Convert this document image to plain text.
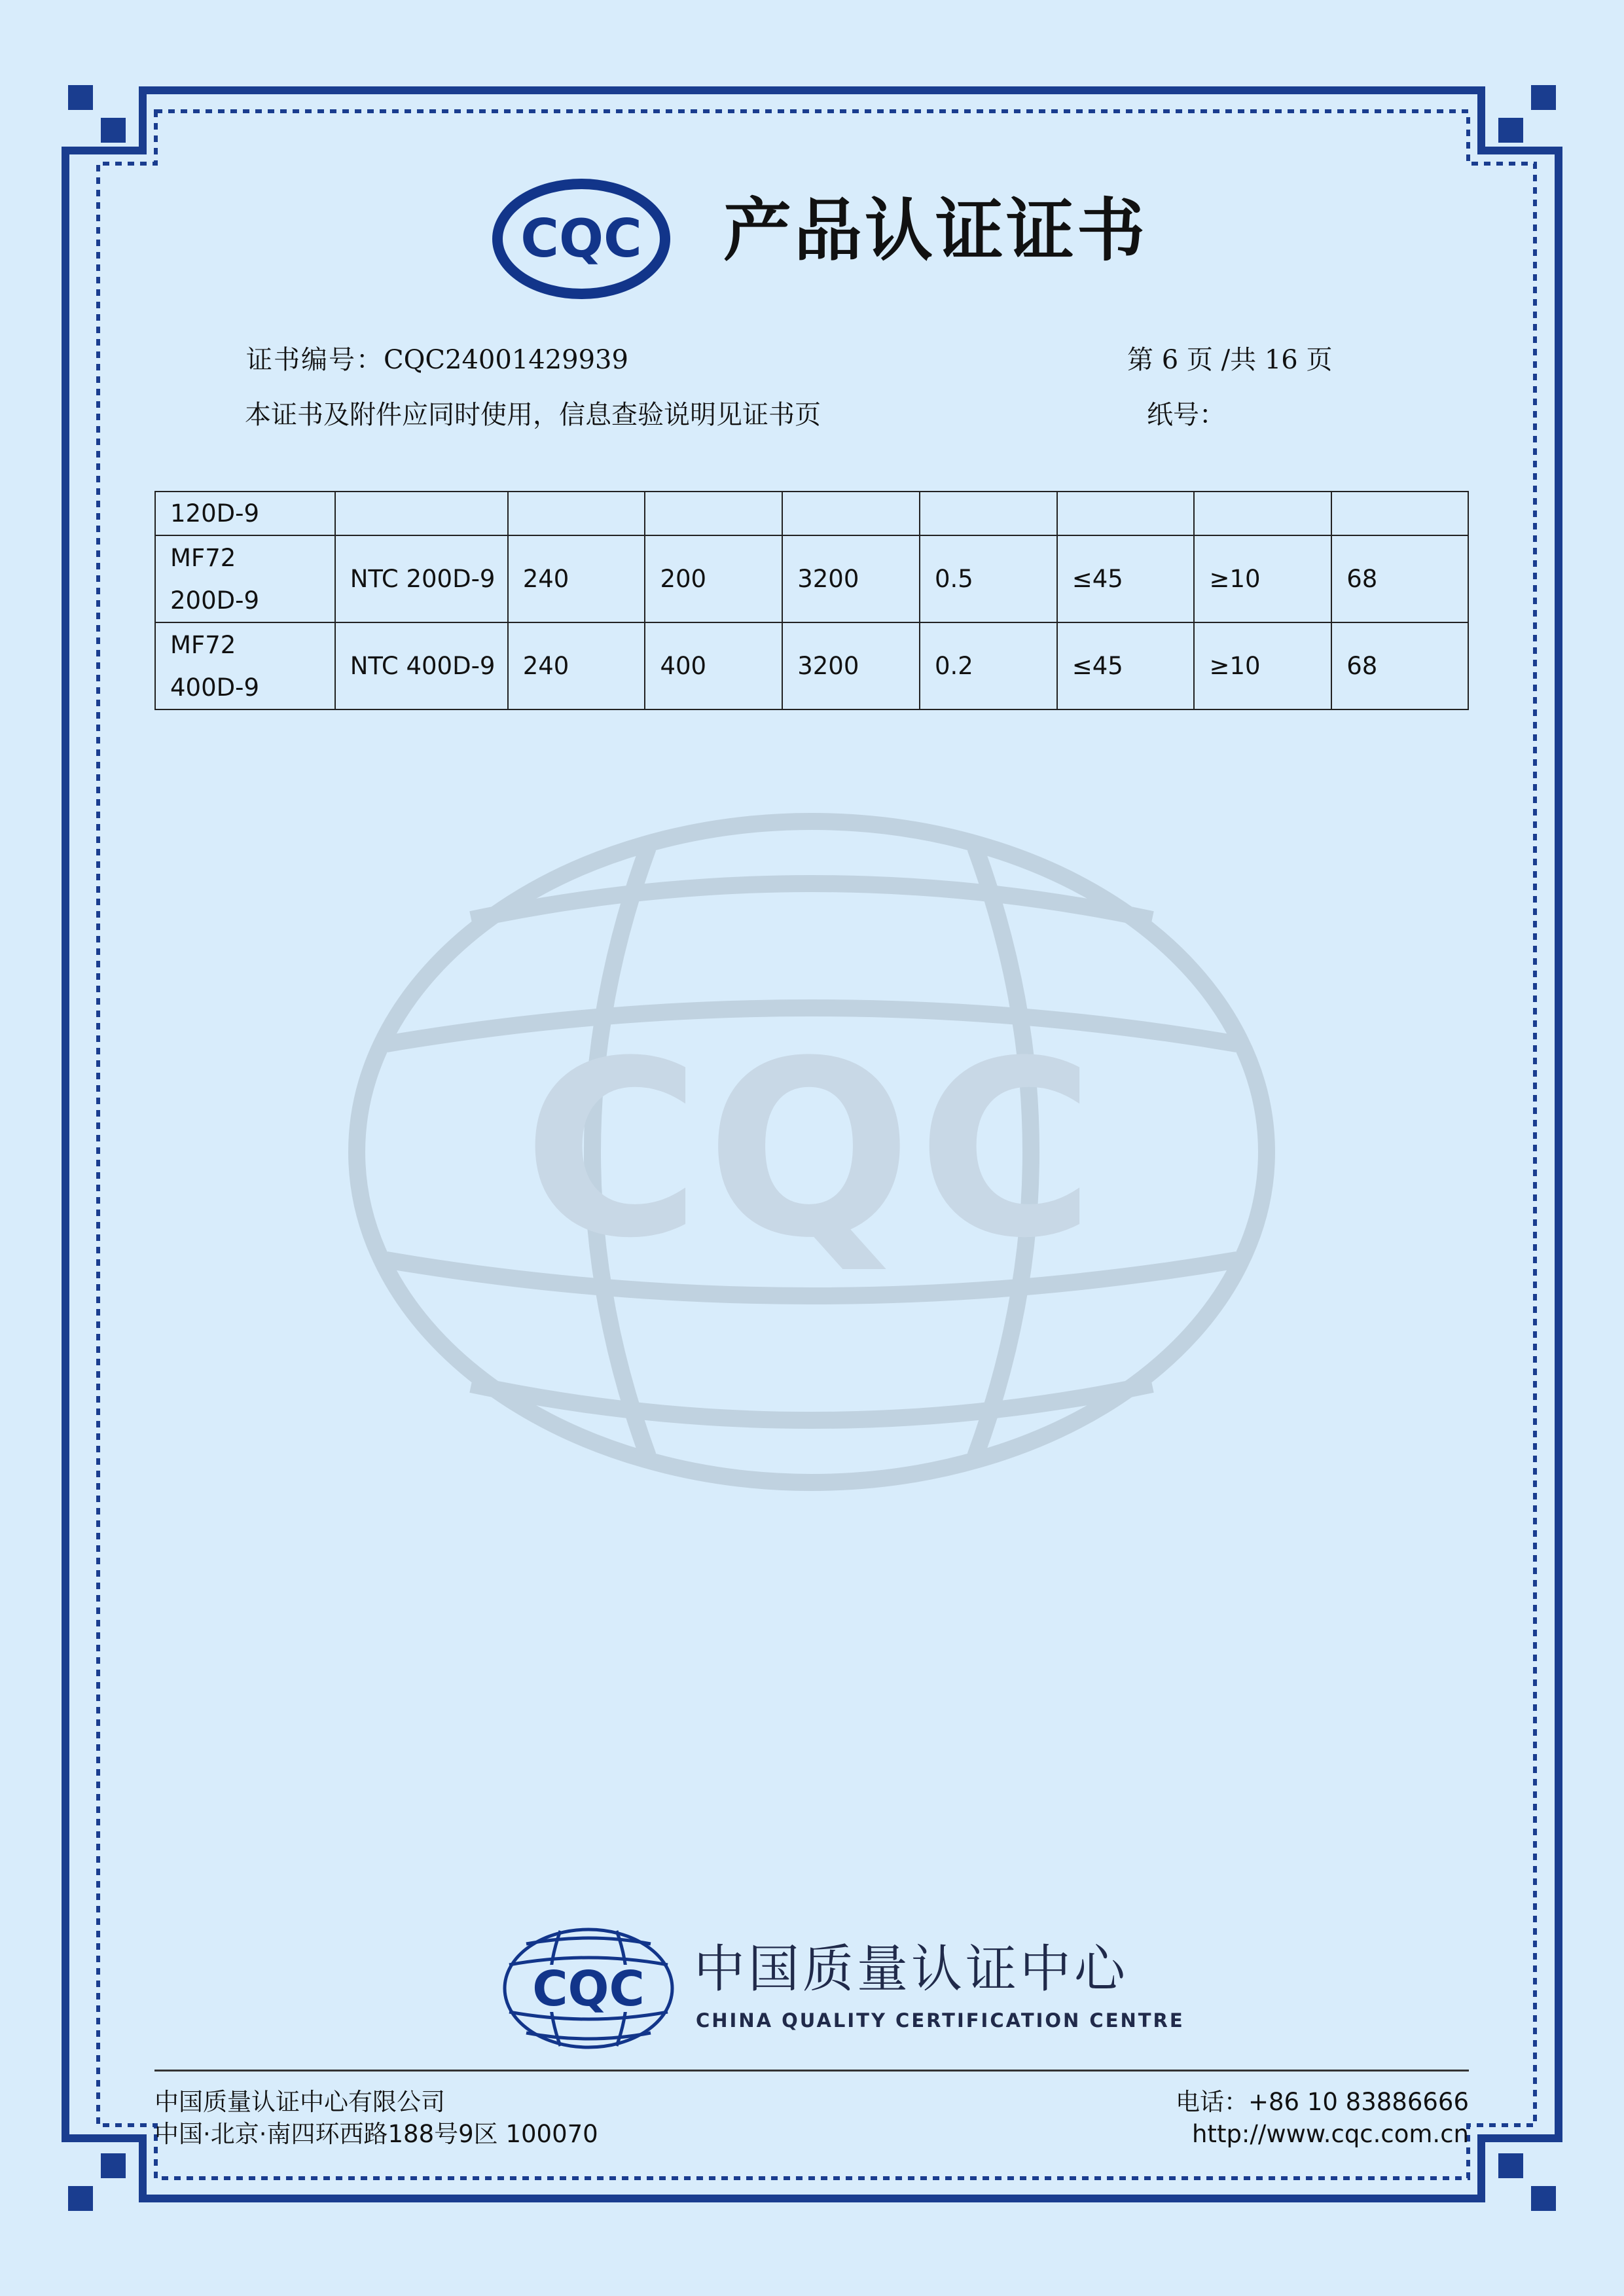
CQC
CQC 产品认证证书
证书编号：CQC24001429939	第 6 页 /共 16 页
本证书及附件应同时使用，信息查验说明见证书页	纸号：
120D-9								
MF72
200D-9	NTC 200D-9	240	200	3200	0.5	≤45	≥10	68
MF72
400D-9	NTC 400D-9	240	400	3200	0.2	≤45	≥10	68
CQC 中国质量认证中心
CHINA QUALITY CERTIFICATION CENTRE
中国质量认证中心有限公司
中国·北京·南四环西路188号9区 100070
电话：+86 10 83886666
http://www.cqc.com.cn
